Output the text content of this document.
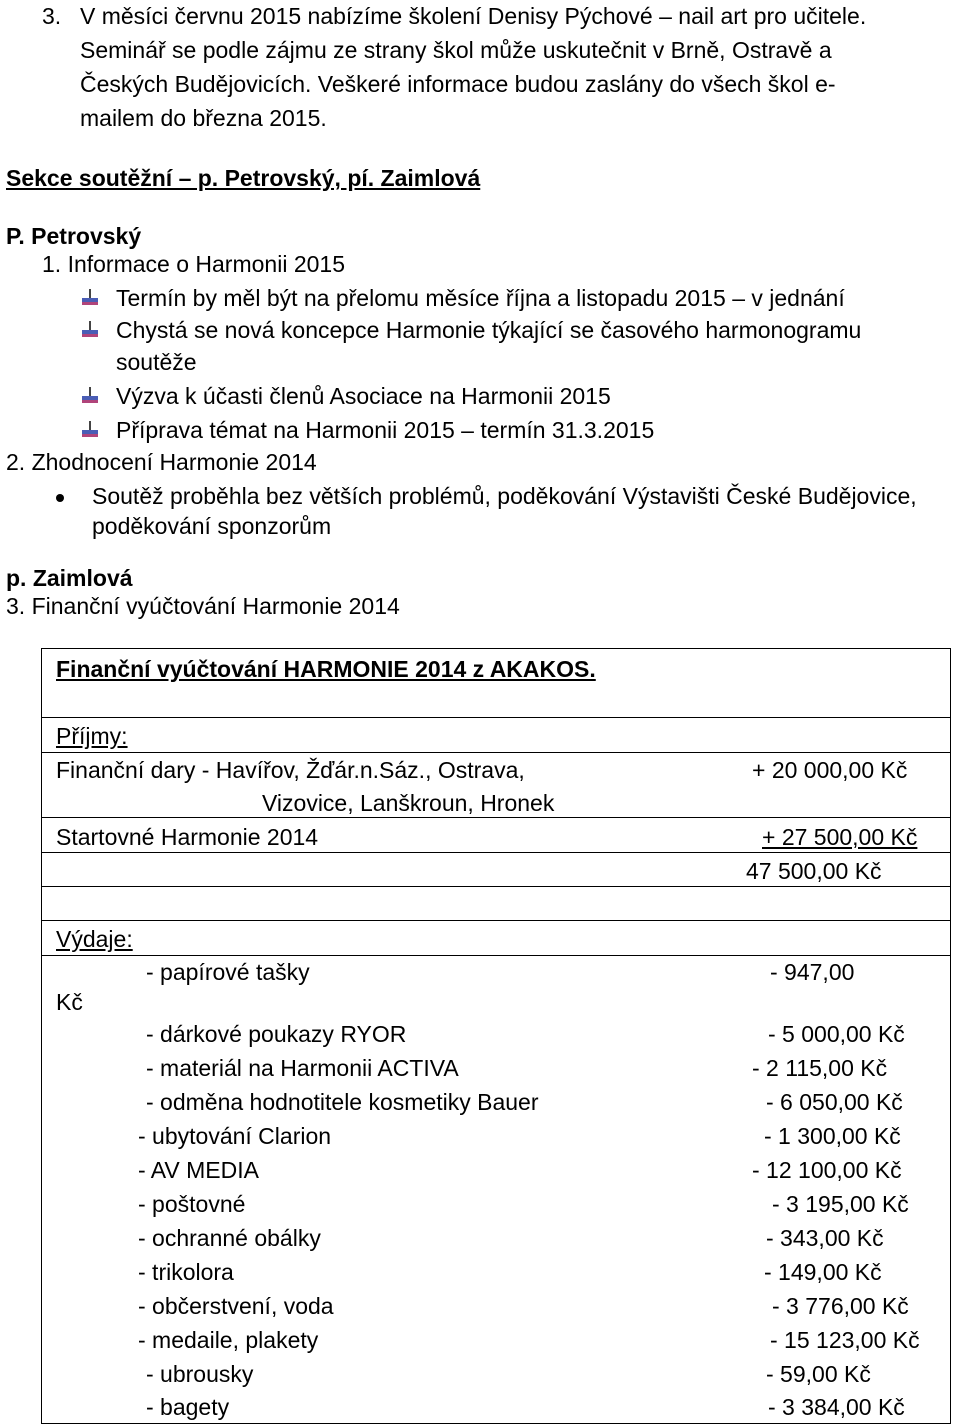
3. V měsíci červnu 2015 nabízíme školení Denisy Pýchové – nail art pro učitele.
Seminář se podle zájmu ze strany škol může uskutečnit v Brně, Ostravě a
Českých Budějovicích. Veškeré informace budou zaslány do všech škol e-
mailem do března 2015.
Sekce soutěžní – p. Petrovský, pí. Zaimlová
P. Petrovský
1. Informace o Harmonii 2015
Termín by měl být na přelomu měsíce října a listopadu 2015 – v jednání
Chystá se nová koncepce Harmonie týkající se časového harmonogramu
soutěže
Výzva k účasti členů Asociace na Harmonii 2015
Příprava témat na Harmonii 2015 – termín 31.3.2015
2. Zhodnocení Harmonie 2014
Soutěž proběhla bez větších problémů, poděkování Výstavišti České Budějovice,
poděkování sponzorům
p. Zaimlová
3. Finanční vyúčtování Harmonie 2014
Finanční vyúčtování HARMONIE 2014 z AKAKOS.
Příjmy:
Finanční dary - Havířov, Žďár.n.Sáz., Ostrava,	+ 20 000,00 Kč
Vizovice, Lanškroun, Hronek
Startovné Harmonie 2014	+ 27 500,00 Kč
47 500,00 Kč
Výdaje:
- papírové tašky	- 947,00
Kč
- dárkové poukazy RYOR	- 5 000,00 Kč
- materiál na Harmonii ACTIVA	- 2 115,00 Kč
- odměna hodnotitele kosmetiky Bauer	- 6 050,00 Kč
- ubytování Clarion	- 1 300,00 Kč
- AV MEDIA	- 12 100,00 Kč
- poštovné	- 3 195,00 Kč
- ochranné obálky	- 343,00 Kč
- trikolora	- 149,00 Kč
- občerstvení, voda	- 3 776,00 Kč
- medaile, plakety	- 15 123,00 Kč
- ubrousky	- 59,00 Kč
- bagety	- 3 384,00 Kč
